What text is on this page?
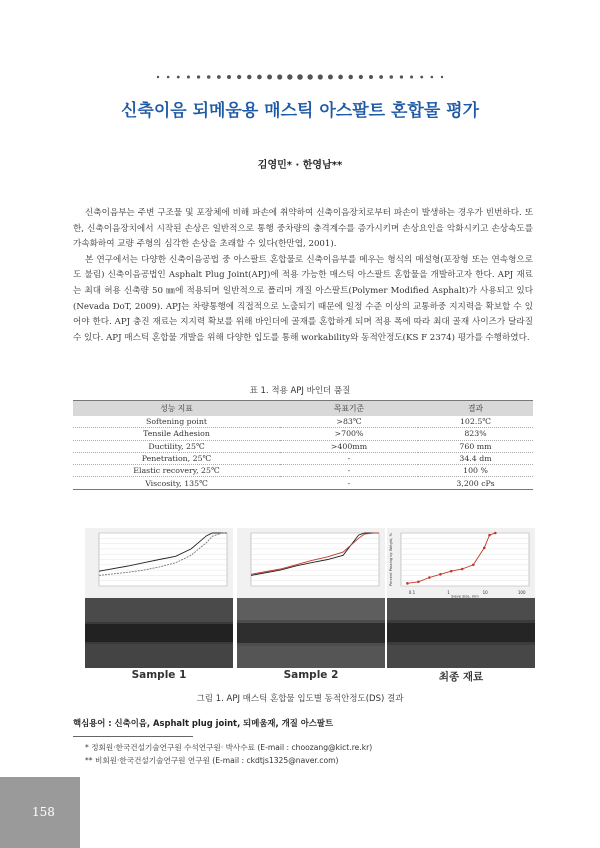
신축이음 되메움용 매스틱 아스팔트 혼합물 평가
김영민* · 한영남**

신축이음부는 주변 구조물 및 포장체에 비해 파손에 취약하여 신축이음장치로부터 파손이 발생하는 경우가 빈번하다. 또한, 신축이음장치에서 시작된 손상은 일반적으로 통행 중차량의 충격계수를 증가시키며 손상요인을 악화시키고 손상속도를 가속화하여 교량 주형의 심각한 손상을 초래할 수 있다(한만엽, 2001).

본 연구에서는 다양한 신축이음공법 중 아스팔트 혼합물로 신축이음부를 메우는 형식의 매설형(포장형 또는 연속형으로도 불림) 신축이음공법인 Asphalt Plug Joint(APJ)에 적용 가능한 매스틱 아스팔트 혼합물을 개발하고자 한다. APJ 재료는 최대 허용 신축량 50 ㎜에 적용되며 일반적으로 폴리머 개질 아스팔트(Polymer Modified Asphalt)가 사용되고 있다(Nevada DoT, 2009). APJ는 차량통행에 직접적으로 노출되기 때문에 일정 수준 이상의 교통하중 지지력을 확보할 수 있어야 한다. APJ 충진 재료는 지지력 확보를 위해 바인더에 골재를 혼합하게 되며 적용 폭에 따라 최대 골재 사이즈가 달라질 수 있다. APJ 매스틱 혼합물 개발을 위해 다양한 입도를 통해 workability와 동적안정도(KS F 2374) 평가를 수행하였다.

표 1. 적용 APJ 바인더 품질
성능 지표	목표기준	결과
Softening point	>83℃	102.5℃
Tensile Adhesion	>700%	823%
Ductility, 25℃	>400mm	760 mm
Penetration, 25℃	-	34.4 dm
Elastic recovery, 25℃	-	100 %
Viscosity, 135℃	-	3,200 cPs
0.1	1	10	100
Sieve Size, mm
Percent Passing by Weight, %
Sample 1	Sample 2	최종 재료
그림 1. APJ 매스틱 혼합물 입도별 동적안정도(DS) 결과
핵심용어 : 신축이음, Asphalt plug joint, 되메움재, 개질 아스팔트
* 정회원·한국건설기술연구원 수석연구원· 박사수료 (E-mail : choozang@kict.re.kr)
** 비회원·한국건설기술연구원 연구원 (E-mail : ckdtjs1325@naver.com)
158
